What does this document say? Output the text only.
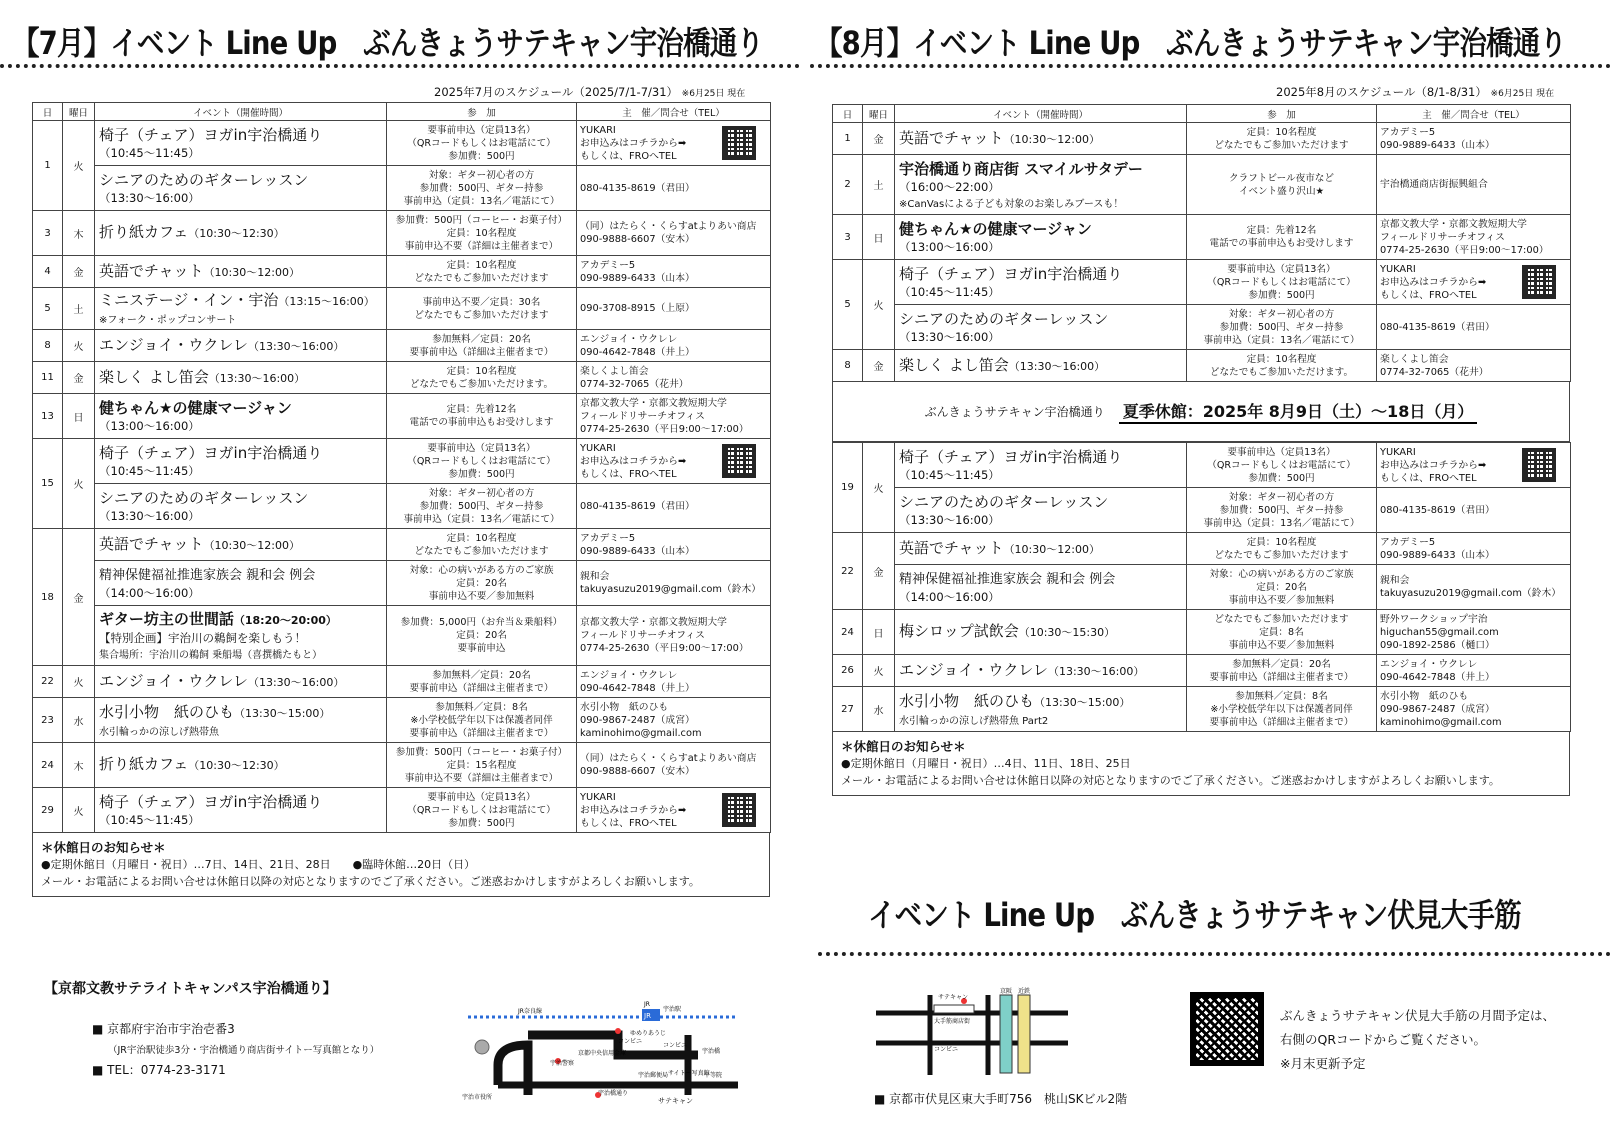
【7月】イベント Line Up　ぶんきょうサテキャン宇治橋通り
2025年7月のスケジュール（2025/7/1-7/31） ※6月25日 現在
日	曜日	イベント（開催時間）	参　加	主　催／問合せ（TEL）
1	火	椅子（チェア）ヨガin宇治橋通り
（10:45～11:45）	要事前申込（定員13名）
（QRコードもしくはお電話にて）
参加費：500円	YUKARI
お申込みはコチラから➡
もしくは、FROへTEL

		シニアのためのギターレッスン
（13:30～16:00）	対象：ギター初心者の方
参加費：500円、ギター持参
事前申込（定員：13名／電話にて）	080-4135-8619（君田）
3	木	折り紙カフェ（10:30～12:30）	参加費：500円（コーヒー・お菓子付）
定員：10名程度
事前申込不要（詳細は主催者まで）	（同）はたらく・くらすatよりあい商店
090-9888-6607（安木）
4	金	英語でチャット（10:30～12:00）	定員：10名程度
どなたでもご参加いただけます	アカデミー5
090-9889-6433（山本）
5	土	ミニステージ・イン・宇治（13:15～16:00）
※フォーク・ポップコンサート	事前申込不要／定員：30名
どなたでもご参加いただけます	090-3708-8915（上原）
8	火	エンジョイ・ウクレレ（13:30～16:00）	参加無料／定員：20名
要事前申込（詳細は主催者まで）	エンジョイ・ウクレレ
090-4642-7848（井上）
11	金	楽しく よし笛会（13:30～16:00）	定員：10名程度
どなたでもご参加いただけます。	楽しくよし笛会
0774-32-7065（花井）
13	日	健ちゃん★の健康マージャン
（13:00～16:00）	定員：先着12名
電話での事前申込もお受けします	京都文教大学・京都文教短期大学
フィールドリサーチオフィス
0774-25-2630（平日9:00～17:00）
15	火	椅子（チェア）ヨガin宇治橋通り
（10:45～11:45）	要事前申込（定員13名）
（QRコードもしくはお電話にて）
参加費：500円	YUKARI
お申込みはコチラから➡
もしくは、FROへTEL

		シニアのためのギターレッスン
（13:30～16:00）	対象：ギター初心者の方
参加費：500円、ギター持参
事前申込（定員：13名／電話にて）	080-4135-8619（君田）
18	金	英語でチャット（10:30～12:00）	定員：10名程度
どなたでもご参加いただけます	アカデミー5
090-9889-6433（山本）

		精神保健福祉推進家族会 親和会 例会
（14:00～16:00）	対象：心の病いがある方のご家族
定員：20名
事前申込不要／参加無料	親和会
takuyasuzu2019@gmail.com（鈴木）

		ギター坊主の世間話（18:20～20:00）
【特別企画】宇治川の鵜飼を楽しもう！
集合場所：宇治川の鵜飼 乗船場（喜撰橋たもと）	参加費：5,000円（お弁当＆乗船料）
定員：20名
要事前申込	京都文教大学・京都文教短期大学
フィールドリサーチオフィス
0774-25-2630（平日9:00～17:00）
22	火	エンジョイ・ウクレレ（13:30～16:00）	参加無料／定員：20名
要事前申込（詳細は主催者まで）	エンジョイ・ウクレレ
090-4642-7848（井上）
23	水	水引小物　紙のひも（13:30～15:00）
水引輪っかの涼しげ熱帯魚	参加無料／定員：8名
※小学校低学年以下は保護者同伴
要事前申込（詳細は主催者まで）	水引小物　紙のひも
090-9867-2487（成宮）
kaminohimo@gmail.com
24	木	折り紙カフェ（10:30～12:30）	参加費：500円（コーヒー・お菓子付）
定員：15名程度
事前申込不要（詳細は主催者まで）	（同）はたらく・くらすatよりあい商店
090-9888-6607（安木）
29	火	椅子（チェア）ヨガin宇治橋通り
（10:45～11:45）	要事前申込（定員13名）
（QRコードもしくはお電話にて）
参加費：500円	YUKARI
お申込みはコチラから➡
もしくは、FROへTEL
＊休館日のお知らせ＊
●定期休館日（月曜日・祝日）…7日、14日、21日、28日　　●臨時休館…20日（日）
メール・お電話によるお問い合せは休館日以降の対応となりますのでご了承ください。ご迷惑おかけしますがよろしくお願いします。
【京都文教サテライトキャンパス宇治橋通り】
■ 京都府宇治市宇治壱番3
（JR宇治駅徒歩3分・宇治橋通り商店街サイトー写真館となり）
■ TEL：0774-23-3171
JR
サテキャン
JR奈良線
JR
宇治駅
コンビニ
ゆめりあうじ
宇治警察
京都中央信用金庫
コンビニ
宇治橋
宇治郵便局 サイトー写真館
宇治橋通り
宇治市役所
平等院
【8月】イベント Line Up　ぶんきょうサテキャン宇治橋通り
2025年8月のスケジュール（8/1-8/31） ※6月25日 現在
日	曜日	イベント（開催時間）	参　加	主　催／問合せ（TEL）
1	金	英語でチャット（10:30～12:00）	定員：10名程度
どなたでもご参加いただけます	アカデミー5
090-9889-6433（山本）
2	土	宇治橋通り商店街 スマイルサタデー
（16:00～22:00）
※CanVasによる子ども対象のお楽しみブースも！	クラフトビール夜市など
イベント盛り沢山★	宇治橋通商店街振興組合
3	日	健ちゃん★の健康マージャン
（13:00～16:00）	定員：先着12名
電話での事前申込もお受けします	京都文教大学・京都文教短期大学
フィールドリサーチオフィス
0774-25-2630（平日9:00～17:00）
5	火	椅子（チェア）ヨガin宇治橋通り
（10:45～11:45）	要事前申込（定員13名）
（QRコードもしくはお電話にて）
参加費：500円	YUKARI
お申込みはコチラから➡
もしくは、FROへTEL

		シニアのためのギターレッスン
（13:30～16:00）	対象：ギター初心者の方
参加費：500円、ギター持参
事前申込（定員：13名／電話にて）	080-4135-8619（君田）
8	金	楽しく よし笛会（13:30～16:00）	定員：10名程度
どなたでもご参加いただけます。	楽しくよし笛会
0774-32-7065（花井）
ぶんきょうサテキャン宇治橋通り 夏季休館：2025年 8月9日（土）～18日（月）
19	火	椅子（チェア）ヨガin宇治橋通り
（10:45～11:45）	要事前申込（定員13名）
（QRコードもしくはお電話にて）
参加費：500円	YUKARI
お申込みはコチラから➡
もしくは、FROへTEL

		シニアのためのギターレッスン
（13:30～16:00）	対象：ギター初心者の方
参加費：500円、ギター持参
事前申込（定員：13名／電話にて）	080-4135-8619（君田）
22	金	英語でチャット（10:30～12:00）	定員：10名程度
どなたでもご参加いただけます	アカデミー5
090-9889-6433（山本）

		精神保健福祉推進家族会 親和会 例会
（14:00～16:00）	対象：心の病いがある方のご家族
定員：20名
事前申込不要／参加無料	親和会
takuyasuzu2019@gmail.com（鈴木）
24	日	梅シロップ試飲会（10:30～15:30）	どなたでもご参加いただけます
定員：8名
事前申込不要／参加無料	野外ワークショップ宇治
higuchan55@gmail.com
090-1892-2586（樋口）
26	火	エンジョイ・ウクレレ（13:30～16:00）	参加無料／定員：20名
要事前申込（詳細は主催者まで）	エンジョイ・ウクレレ
090-4642-7848（井上）
27	水	水引小物　紙のひも（13:30～15:00）
水引輪っかの涼しげ熱帯魚 Part2	参加無料／定員：8名
※小学校低学年以下は保護者同伴
要事前申込（詳細は主催者まで）	水引小物　紙のひも
090-9867-2487（成宮）
kaminohimo@gmail.com
＊休館日のお知らせ＊
●定期休館日（月曜日・祝日）…4日、11日、18日、25日
メール・お電話によるお問い合せは休館日以降の対応となりますのでご了承ください。ご迷惑おかけしますがよろしくお願いします。
イベント Line Up　ぶんきょうサテキャン伏見大手筋
サテキャン
大手筋商店街
コンビニ
京阪 近鉄
ぶんきょうサテキャン伏見大手筋の月間予定は、
右側のQRコードからご覧ください。
※月末更新予定
■ 京都市伏見区東大手町756　桃山SKビル2階
